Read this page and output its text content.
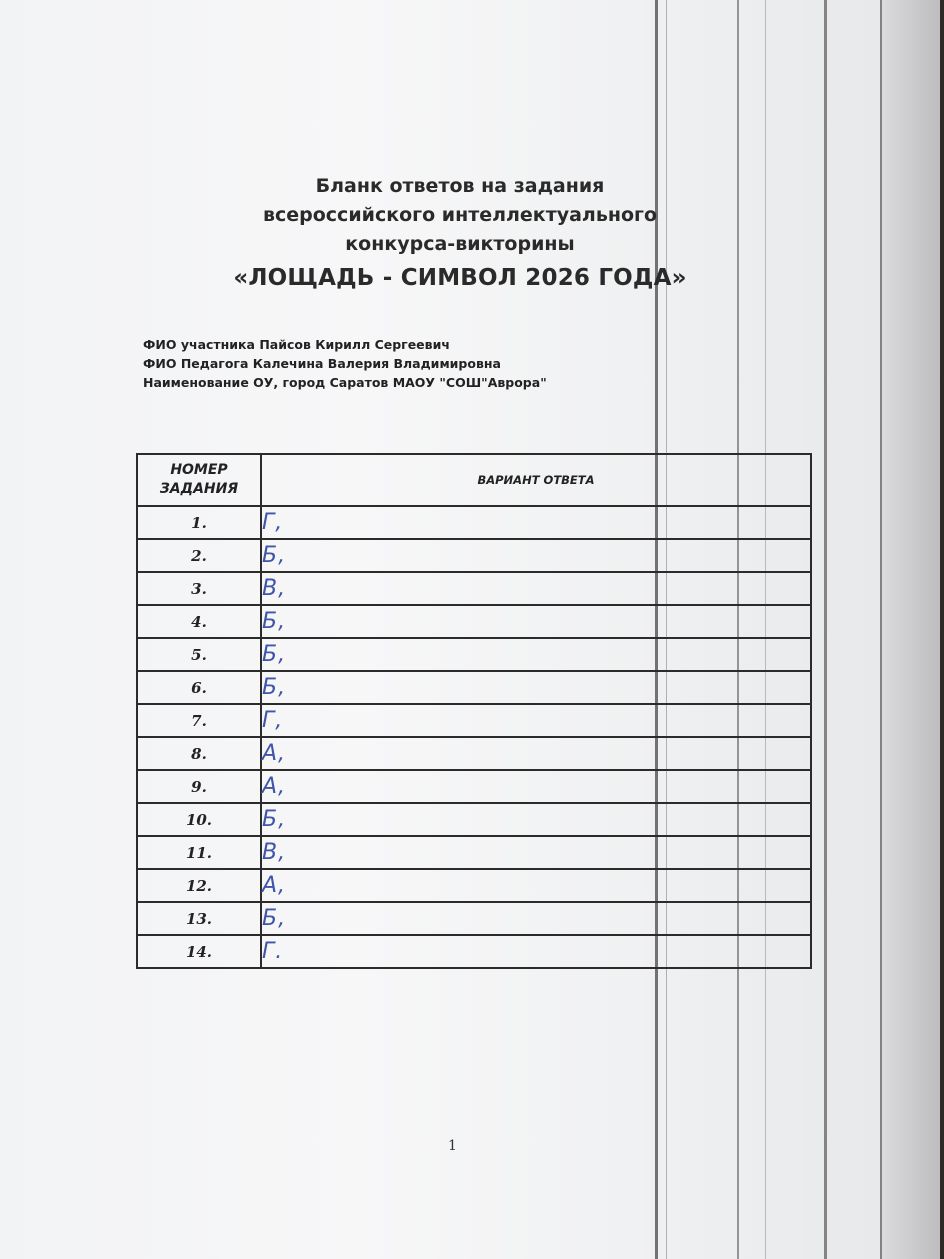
Бланк ответов на задания
всероссийского интеллектуального
конкурса-викторины
«ЛОЩАДЬ - СИМВОЛ 2026 ГОДА»
ФИО участника Пайсов Кирилл Сергеевич
ФИО Педагога Калечина Валерия Владимировна
Наименование ОУ, город Саратов МАОУ "СОШ"Аврора"
НОМЕР
ЗАДАНИЯ	ВАРИАНТ ОТВЕТА
1.	Г,
2.	Б,
3.	В,
4.	Б,
5.	Б,
6.	Б,
7.	Г,
8.	А,
9.	А,
10.	Б,
11.	В,
12.	А,
13.	Б,
14.	Г.
1
